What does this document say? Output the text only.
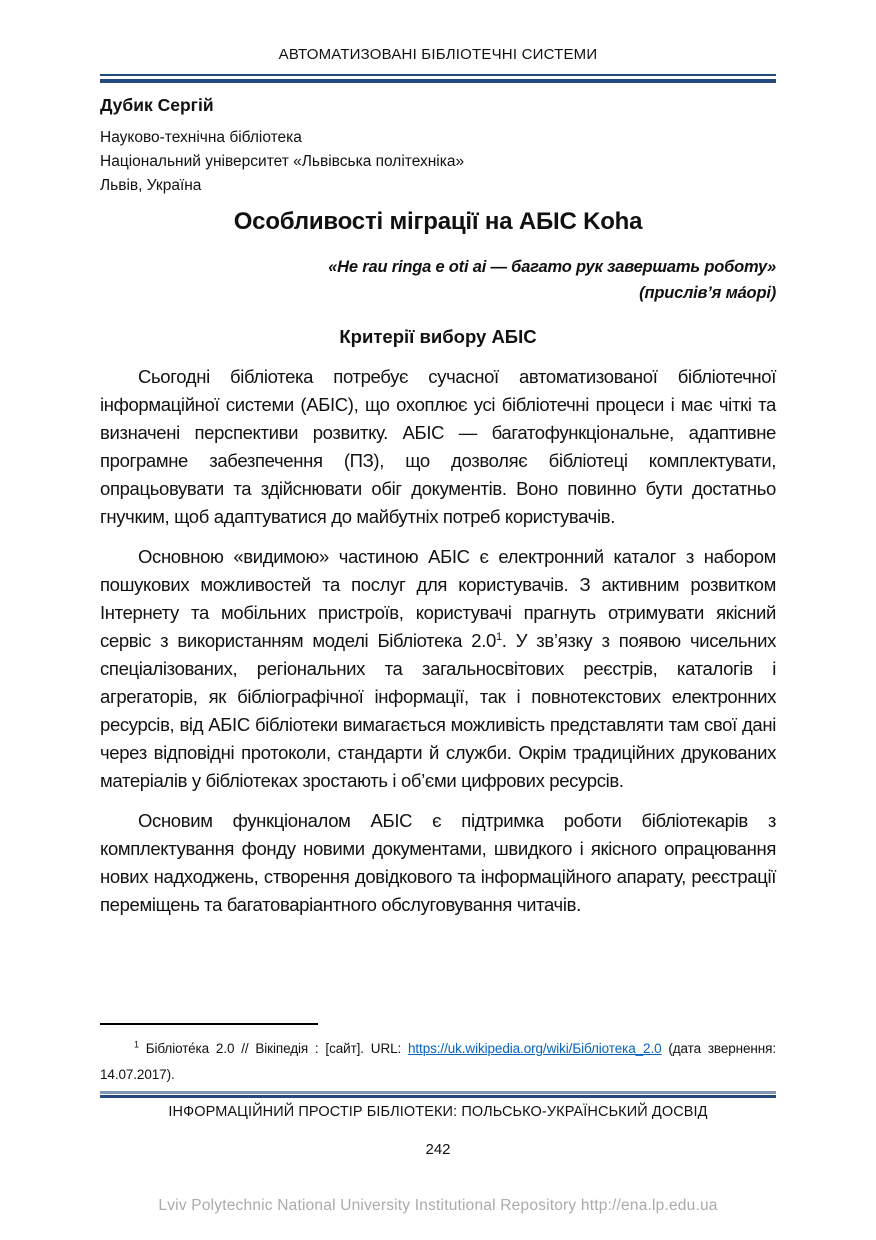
АВТОМАТИЗОВАНІ БІБЛІОТЕЧНІ СИСТЕМИ
Дубик Сергій
Науково-технічна бібліотека
Національний університет «Львівська політехніка»
Львів, Україна
Особливості міграції на АБІС Koha
«He rau ringa e oti ai — багато рук завершать роботу»
(прислів’я ма́орі)
Критерії вибору АБІС

Сьогодні бібліотека потребує сучасної автоматизованої бібліотечної інформаційної системи (АБІС), що охоплює усі бібліотечні процеси і має чіткі та визначені перспективи розвитку. АБІС — багатофункціональне, адаптивне програмне забезпечення (ПЗ), що дозволяє бібліотеці комплектувати, опрацьовувати та здійснювати обіг документів. Воно повинно бути достатньо гнучким, щоб адаптуватися до майбутніх потреб користувачів.

Основною «видимою» частиною АБІС є електронний каталог з набором пошукових можливостей та послуг для користувачів. З активним розвитком Інтернету та мобільних пристроїв, користувачі прагнуть отримувати якісний сервіс з використанням моделі Бібліотека $2.0^1$. У зв’язку з появою чисельних спеціалізованих, регіональних та загальносвітових реєстрів, каталогів і агрегаторів, як бібліографічної інформації, так і повнотекстових електронних ресурсів, від АБІС бібліотеки вимагається можливість представляти там свої дані через відповідні протоколи, стандарти й служби. Окрім традиційних друкованих матеріалів у бібліотеках зростають і об’єми цифрових ресурсів.

Основим функціоналом АБІС є підтримка роботи бібліотекарів з комплектування фонду новими документами, швидкого і якісного опрацювання нових надходжень, створення довідкового та інформаційного апарату, реєстрації переміщень та багатоваріантного обслуговування читачів.

$^1$ Бібліоте́ка 2.0 // Вікіпедія : [сайт]. URL: https://uk.wikipedia.org/wiki/Бібліотека_2.0 (дата звернення: 14.07.2017).
ІНФОРМАЦІЙНИЙ ПРОСТІР БІБЛІОТЕКИ: ПОЛЬСЬКО-УКРАЇНСЬКИЙ ДОСВІД
242
Lviv Polytechnic National University Institutional Repository http://ena.lp.edu.ua
